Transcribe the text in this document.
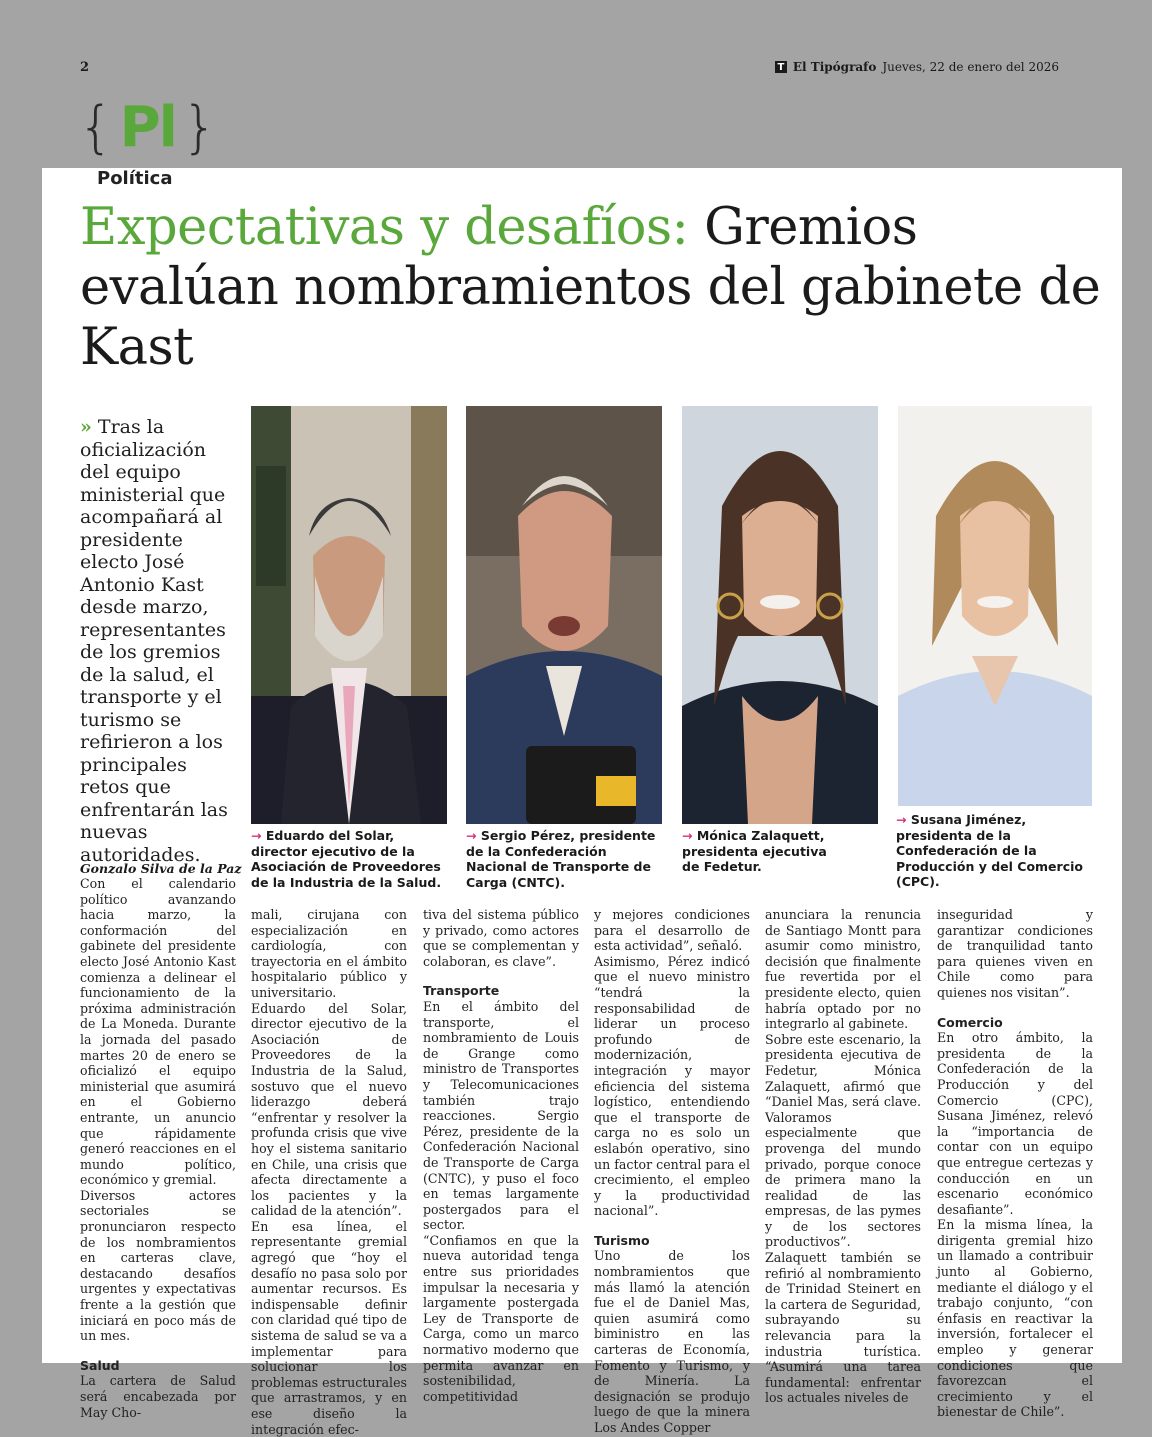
2	T El Tipógrafo Jueves, 22 de enero del 2026
{ Pl }
Política
Expectativas y desafíos: Gremios evalúan nombramientos del gabinete de Kast
» Tras la oficialización del equipo ministerial que acompañará al presidente electo José Antonio Kast desde marzo, representantes de los gremios de la salud, el transporte y el turismo se refirieron a los principales retos que enfrentarán las nuevas autoridades.
→ Eduardo del Solar, director ejecutivo de la Asociación de Proveedores de la Industria de la Salud.
→ Sergio Pérez, presidente de la Confederación Nacional de Transporte de Carga (CNTC).
→ Mónica Zalaquett, presidenta ejecutiva de Fedetur.
→ Susana Jiménez, presidenta de la Confederación de la Producción y del Comercio (CPC).
Gonzalo Silva de la Paz

Con el calendario político avanzando hacia marzo, la conformación del gabinete del presidente electo José Antonio Kast comienza a delinear el funcionamiento de la próxima administración de La Moneda. Durante la jornada del pasado martes 20 de enero se oficializó el equipo ministerial que asumirá en el Gobierno entrante, un anuncio que rápidamente generó reacciones en el mundo político, económico y gremial.

Diversos actores sectoriales se pronunciaron respecto de los nombramientos en carteras clave, destacando desafíos urgentes y expectativas frente a la gestión que iniciará en poco más de un mes.

Salud

La cartera de Salud será encabezada por May Cho-

mali, cirujana con especialización en cardiología, con trayectoria en el ámbito hospitalario público y universitario.

Eduardo del Solar, director ejecutivo de la Asociación de Proveedores de la Industria de la Salud, sostuvo que el nuevo liderazgo deberá “enfrentar y resolver la profunda crisis que vive hoy el sistema sanitario en Chile, una crisis que afecta directamente a los pacientes y la calidad de la atención”.

En esa línea, el representante gremial agregó que “hoy el desafío no pasa solo por aumentar recursos. Es indispensable definir con claridad qué tipo de sistema de salud se va a implementar para solucionar los problemas estructurales que arrastramos, y en ese diseño la integración efec-

tiva del sistema público y privado, como actores que se complementan y colaboran, es clave”.

Transporte

En el ámbito del transporte, el nombramiento de Louis de Grange como ministro de Transportes y Telecomunicaciones también trajo reacciones. Sergio Pérez, presidente de la Confederación Nacional de Transporte de Carga (CNTC), y puso el foco en temas largamente postergados para el sector.

“Confiamos en que la nueva autoridad tenga entre sus prioridades impulsar la necesaria y largamente postergada Ley de Transporte de Carga, como un marco normativo moderno que permita avanzar en sostenibilidad, competitividad

y mejores condiciones para el desarrollo de esta actividad”, señaló.

Asimismo, Pérez indicó que el nuevo ministro “tendrá la responsabilidad de liderar un proceso profundo de modernización, integración y mayor eficiencia del sistema logístico, entendiendo que el transporte de carga no es solo un eslabón operativo, sino un factor central para el crecimiento, el empleo y la productividad nacional”.

Turismo

Uno de los nombramientos que más llamó la atención fue el de Daniel Mas, quien asumirá como biministro en las carteras de Economía, Fomento y Turismo, y de Minería. La designación se produjo luego de que la minera Los Andes Copper

anunciara la renuncia de Santiago Montt para asumir como ministro, decisión que finalmente fue revertida por el presidente electo, quien habría optado por no integrarlo al gabinete.

Sobre este escenario, la presidenta ejecutiva de Fedetur, Mónica Zalaquett, afirmó que “Daniel Mas, será clave. Valoramos especialmente que provenga del mundo privado, porque conoce de primera mano la realidad de las empresas, de las pymes y de los sectores productivos”.

Zalaquett también se refirió al nombramiento de Trinidad Steinert en la cartera de Seguridad, subrayando su relevancia para la industria turística. “Asumirá una tarea fundamental: enfrentar los actuales niveles de

inseguridad y garantizar condiciones de tranquilidad tanto para quienes viven en Chile como para quienes nos visitan”.

Comercio

En otro ámbito, la presidenta de la Confederación de la Producción y del Comercio (CPC), Susana Jiménez, relevó la “importancia de contar con un equipo que entregue certezas y conducción en un escenario económico desafiante”.

En la misma línea, la dirigenta gremial hizo un llamado a contribuir junto al Gobierno, mediante el diálogo y el trabajo conjunto, “con énfasis en reactivar la inversión, fortalecer el empleo y generar condiciones que favorezcan el crecimiento y el bienestar de Chile”.
